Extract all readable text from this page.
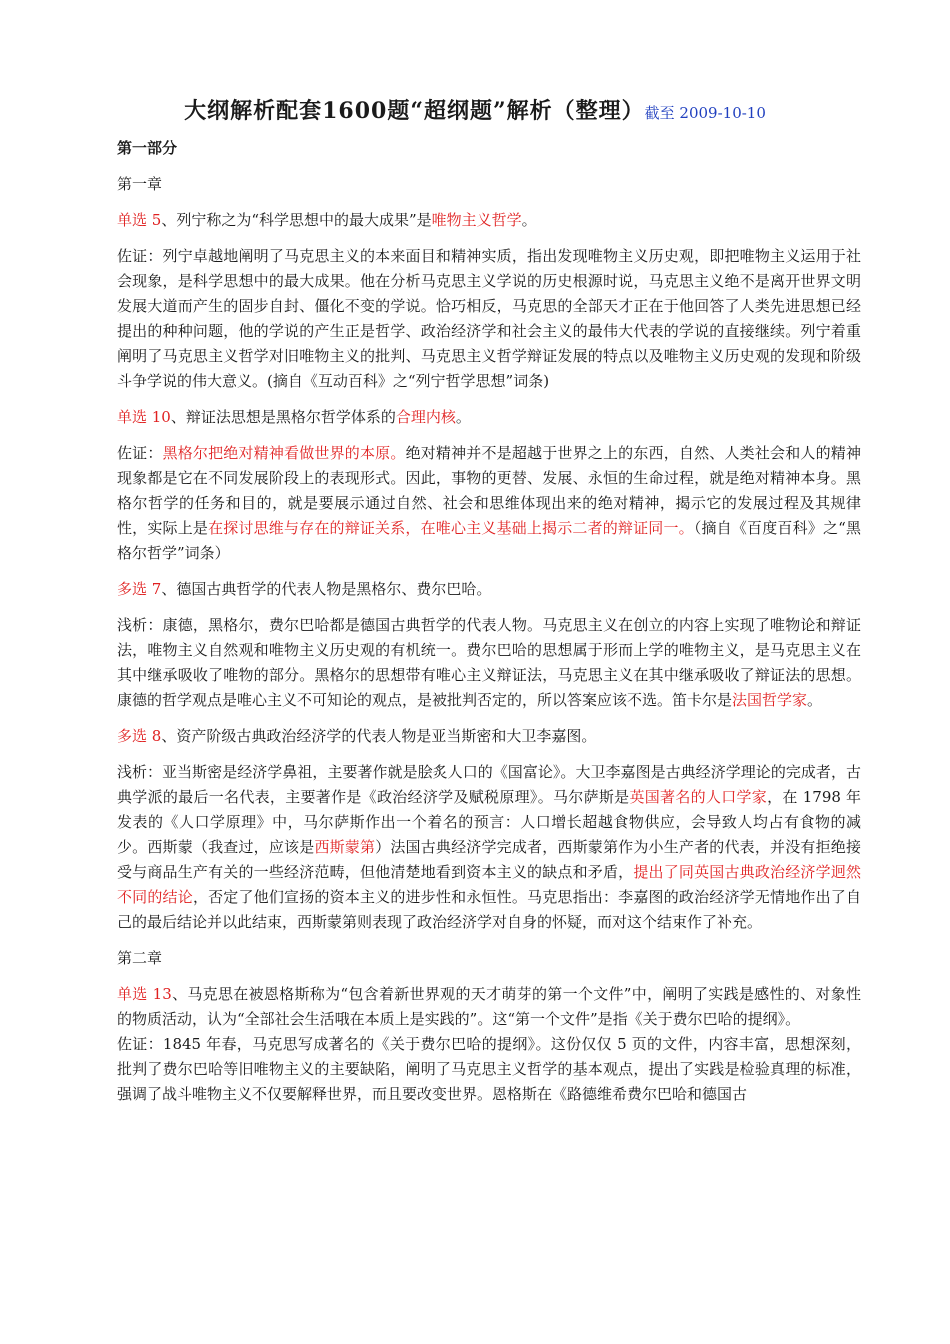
大纲解析配套1600题“超纲题”解析（整理）截至 2009-10-10

第一部分

第一章

单选 5、列宁称之为“科学思想中的最大成果”是唯物主义哲学。

佐证：列宁卓越地阐明了马克思主义的本来面目和精神实质，指出发现唯物主义历史观，即把唯物主义运用于社会现象，是科学思想中的最大成果。他在分析马克思主义学说的历史根源时说，马克思主义绝不是离开世界文明发展大道而产生的固步自封、僵化不变的学说。恰巧相反，马克思的全部天才正在于他回答了人类先进思想已经提出的种种问题，他的学说的产生正是哲学、政治经济学和社会主义的最伟大代表的学说的直接继续。列宁着重阐明了马克思主义哲学对旧唯物主义的批判、马克思主义哲学辩证发展的特点以及唯物主义历史观的发现和阶级斗争学说的伟大意义。(摘自《互动百科》之“列宁哲学思想”词条)

单选 10、辩证法思想是黑格尔哲学体系的合理内核。

佐证：黑格尔把绝对精神看做世界的本原。绝对精神并不是超越于世界之上的东西，自然、人类社会和人的精神现象都是它在不同发展阶段上的表现形式。因此，事物的更替、发展、永恒的生命过程，就是绝对精神本身。黑格尔哲学的任务和目的，就是要展示通过自然、社会和思维体现出来的绝对精神，揭示它的发展过程及其规律性，实际上是在探讨思维与存在的辩证关系，在唯心主义基础上揭示二者的辩证同一。（摘自《百度百科》之“黑格尔哲学”词条）

多选 7、德国古典哲学的代表人物是黑格尔、费尔巴哈。

浅析：康德，黑格尔，费尔巴哈都是德国古典哲学的代表人物。马克思主义在创立的内容上实现了唯物论和辩证法，唯物主义自然观和唯物主义历史观的有机统一。费尔巴哈的思想属于形而上学的唯物主义，是马克思主义在其中继承吸收了唯物的部分。黑格尔的思想带有唯心主义辩证法，马克思主义在其中继承吸收了辩证法的思想。康德的哲学观点是唯心主义不可知论的观点，是被批判否定的，所以答案应该不选。笛卡尔是法国哲学家。

多选 8、资产阶级古典政治经济学的代表人物是亚当斯密和大卫李嘉图。

浅析：亚当斯密是经济学鼻祖，主要著作就是脍炙人口的《国富论》。大卫李嘉图是古典经济学理论的完成者，古典学派的最后一名代表，主要著作是《政治经济学及赋税原理》。马尔萨斯是英国著名的人口学家，在 1798 年发表的《人口学原理》中，马尔萨斯作出一个着名的预言：人口增长超越食物供应，会导致人均占有食物的减少。西斯蒙（我查过，应该是西斯蒙第）法国古典经济学完成者，西斯蒙第作为小生产者的代表，并没有拒绝接受与商品生产有关的一些经济范畴，但他清楚地看到资本主义的缺点和矛盾，提出了同英国古典政治经济学迥然不同的结论，否定了他们宣扬的资本主义的进步性和永恒性。马克思指出：李嘉图的政治经济学无情地作出了自己的最后结论并以此结束，西斯蒙第则表现了政治经济学对自身的怀疑，而对这个结束作了补充。

第二章

单选 13、马克思在被恩格斯称为“包含着新世界观的天才萌芽的第一个文件”中，阐明了实践是感性的、对象性的物质活动，认为“全部社会生活哦在本质上是实践的”。这“第一个文件”是指《关于费尔巴哈的提纲》。

佐证：1845 年春，马克思写成著名的《关于费尔巴哈的提纲》。这份仅仅 5 页的文件，内容丰富，思想深刻，批判了费尔巴哈等旧唯物主义的主要缺陷，阐明了马克思主义哲学的基本观点，提出了实践是检验真理的标准，强调了战斗唯物主义不仅要解释世界，而且要改变世界。恩格斯在《路德维希费尔巴哈和德国古
